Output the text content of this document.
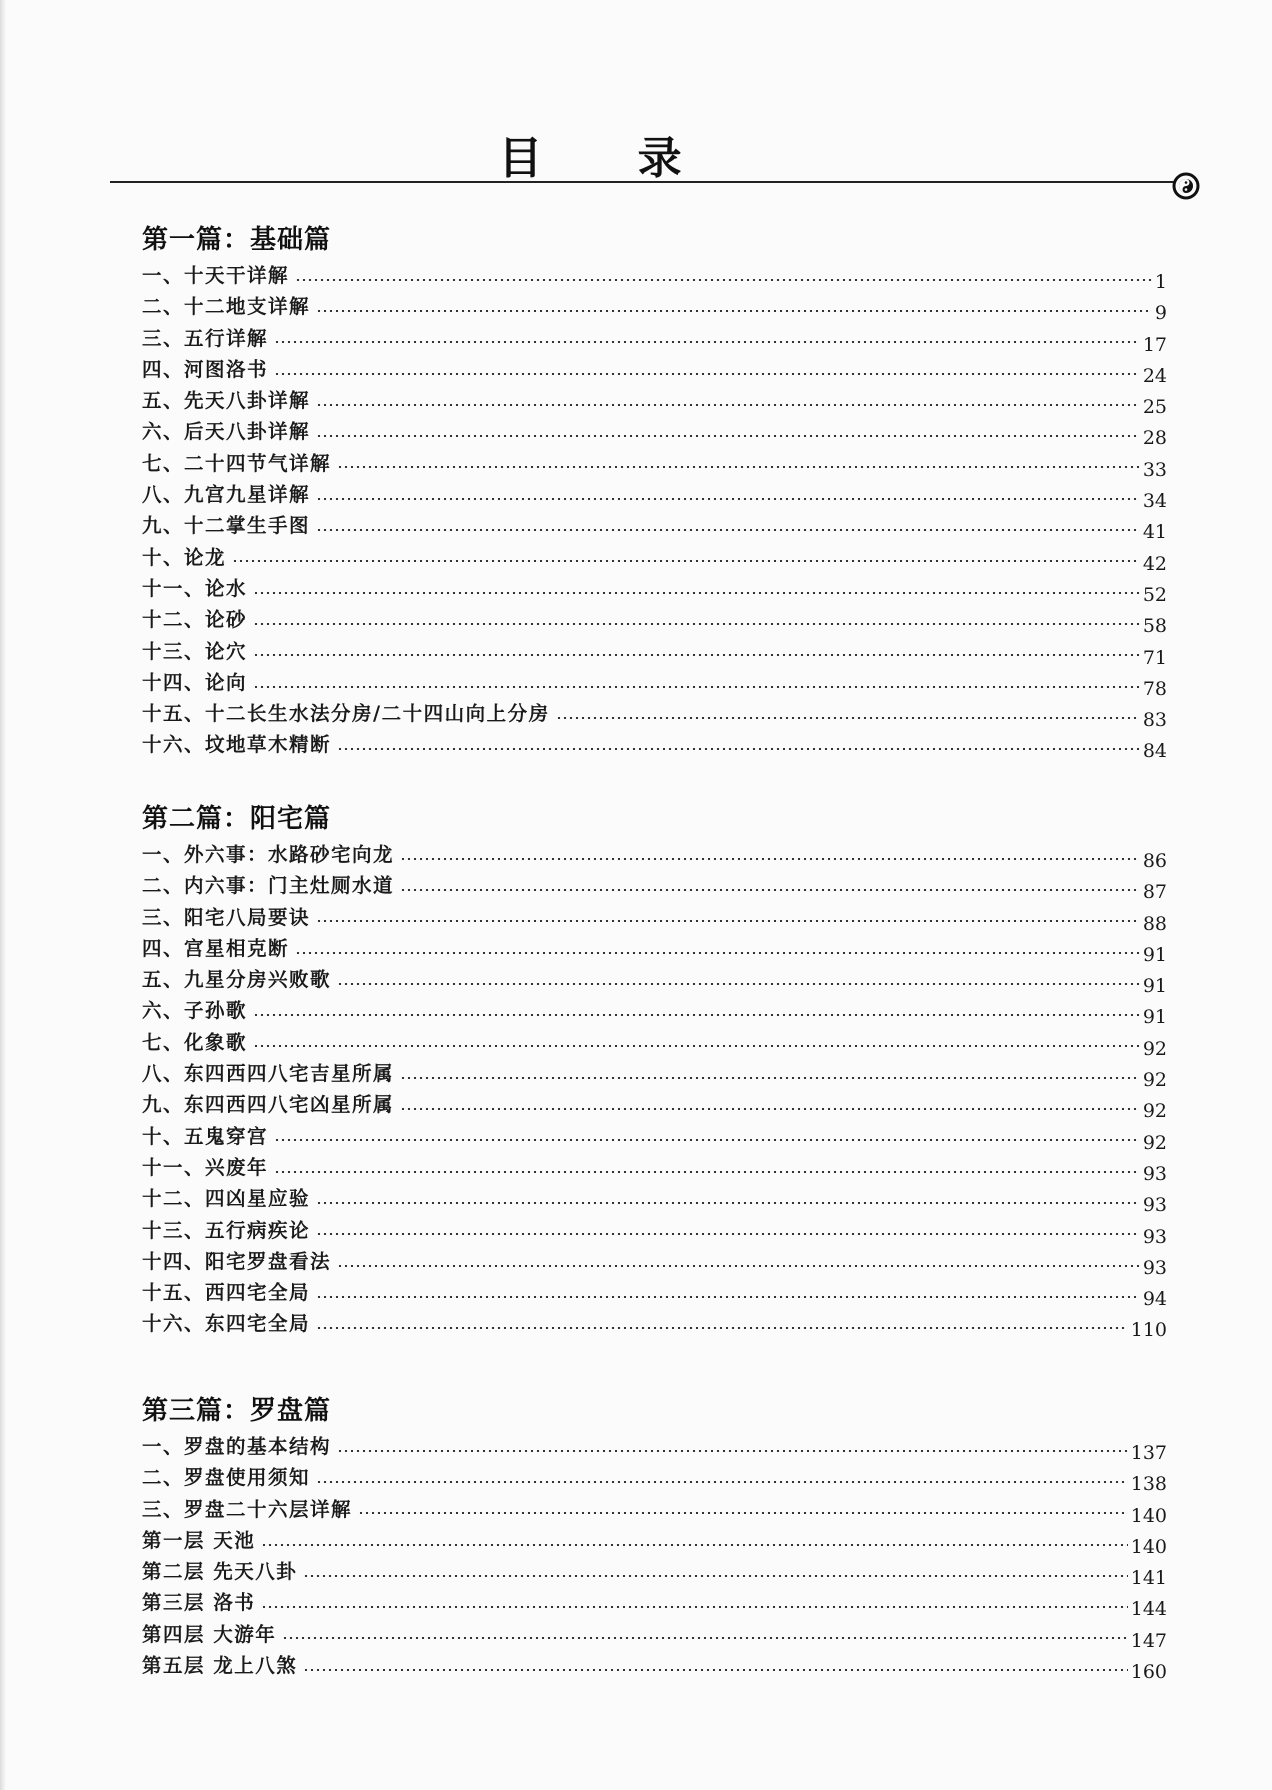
目 录
第一篇：基础篇
一、十天干详解	1
二、十二地支详解	9
三、五行详解	17
四、河图洛书	24
五、先天八卦详解	25
六、后天八卦详解	28
七、二十四节气详解	33
八、九宫九星详解	34
九、十二掌生手图	41
十、论龙	42
十一、论水	52
十二、论砂	58
十三、论穴	71
十四、论向	78
十五、十二长生水法分房/二十四山向上分房	83
十六、坟地草木精断	84
第二篇：阳宅篇
一、外六事：水路砂宅向龙	86
二、内六事：门主灶厕水道	87
三、阳宅八局要诀	88
四、宫星相克断	91
五、九星分房兴败歌	91
六、子孙歌	91
七、化象歌	92
八、东四西四八宅吉星所属	92
九、东四西四八宅凶星所属	92
十、五鬼穿宫	92
十一、兴废年	93
十二、四凶星应验	93
十三、五行病疾论	93
十四、阳宅罗盘看法	93
十五、西四宅全局	94
十六、东四宅全局	110
第三篇：罗盘篇
一、罗盘的基本结构	137
二、罗盘使用须知	138
三、罗盘二十六层详解	140
第一层 天池	140
第二层 先天八卦	141
第三层 洛书	144
第四层 大游年	147
第五层 龙上八煞	160
